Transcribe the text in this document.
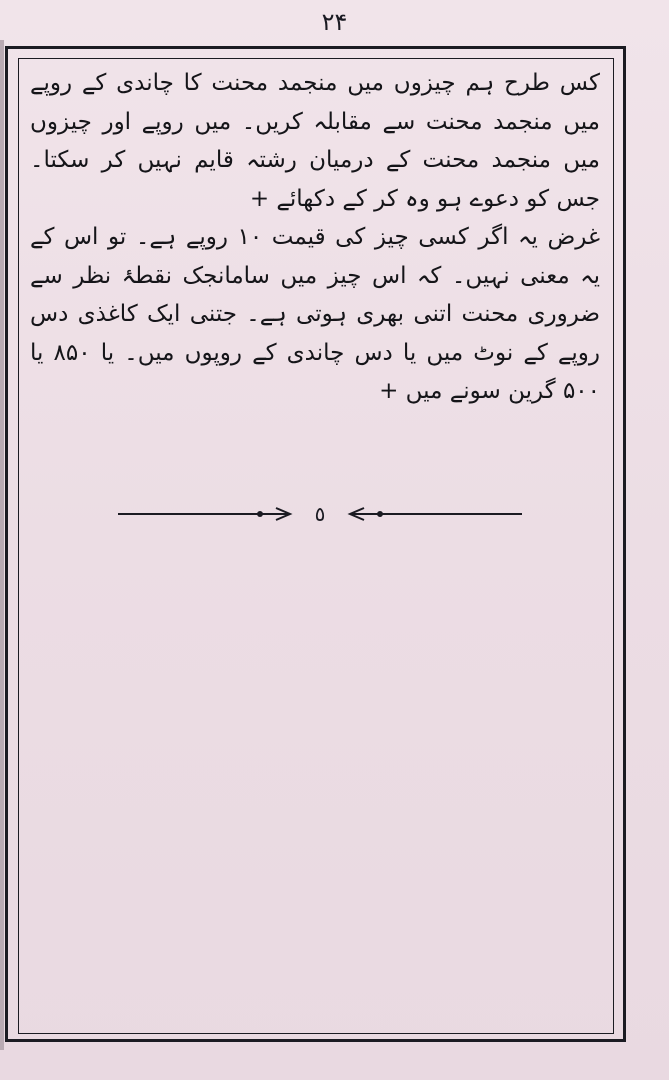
۲۴

کس طرح ہم چیزوں میں منجمد محنت کا چاندی کے روپے میں منجمد محنت سے مقابلہ کریں۔ میں روپے اور چیزوں میں منجمد محنت کے درمیان رشتہ قایم نہیں کر سکتا۔ جس کو دعوے ہو وہ کر کے دکھائے +

غرض یہ اگر کسی چیز کی قیمت ۱۰ روپے ہے۔ تو اس کے یہ معنی نہیں۔ کہ اس چیز میں سامانجک نقطۂ نظر سے ضروری محنت اتنی بھری ہوتی ہے۔ جتنی ایک کاغذی دس روپے کے نوٹ میں یا دس چاندی کے روپوں میں۔ یا ۸۵۰ یا ۵۰۰ گرین سونے میں +

٥
